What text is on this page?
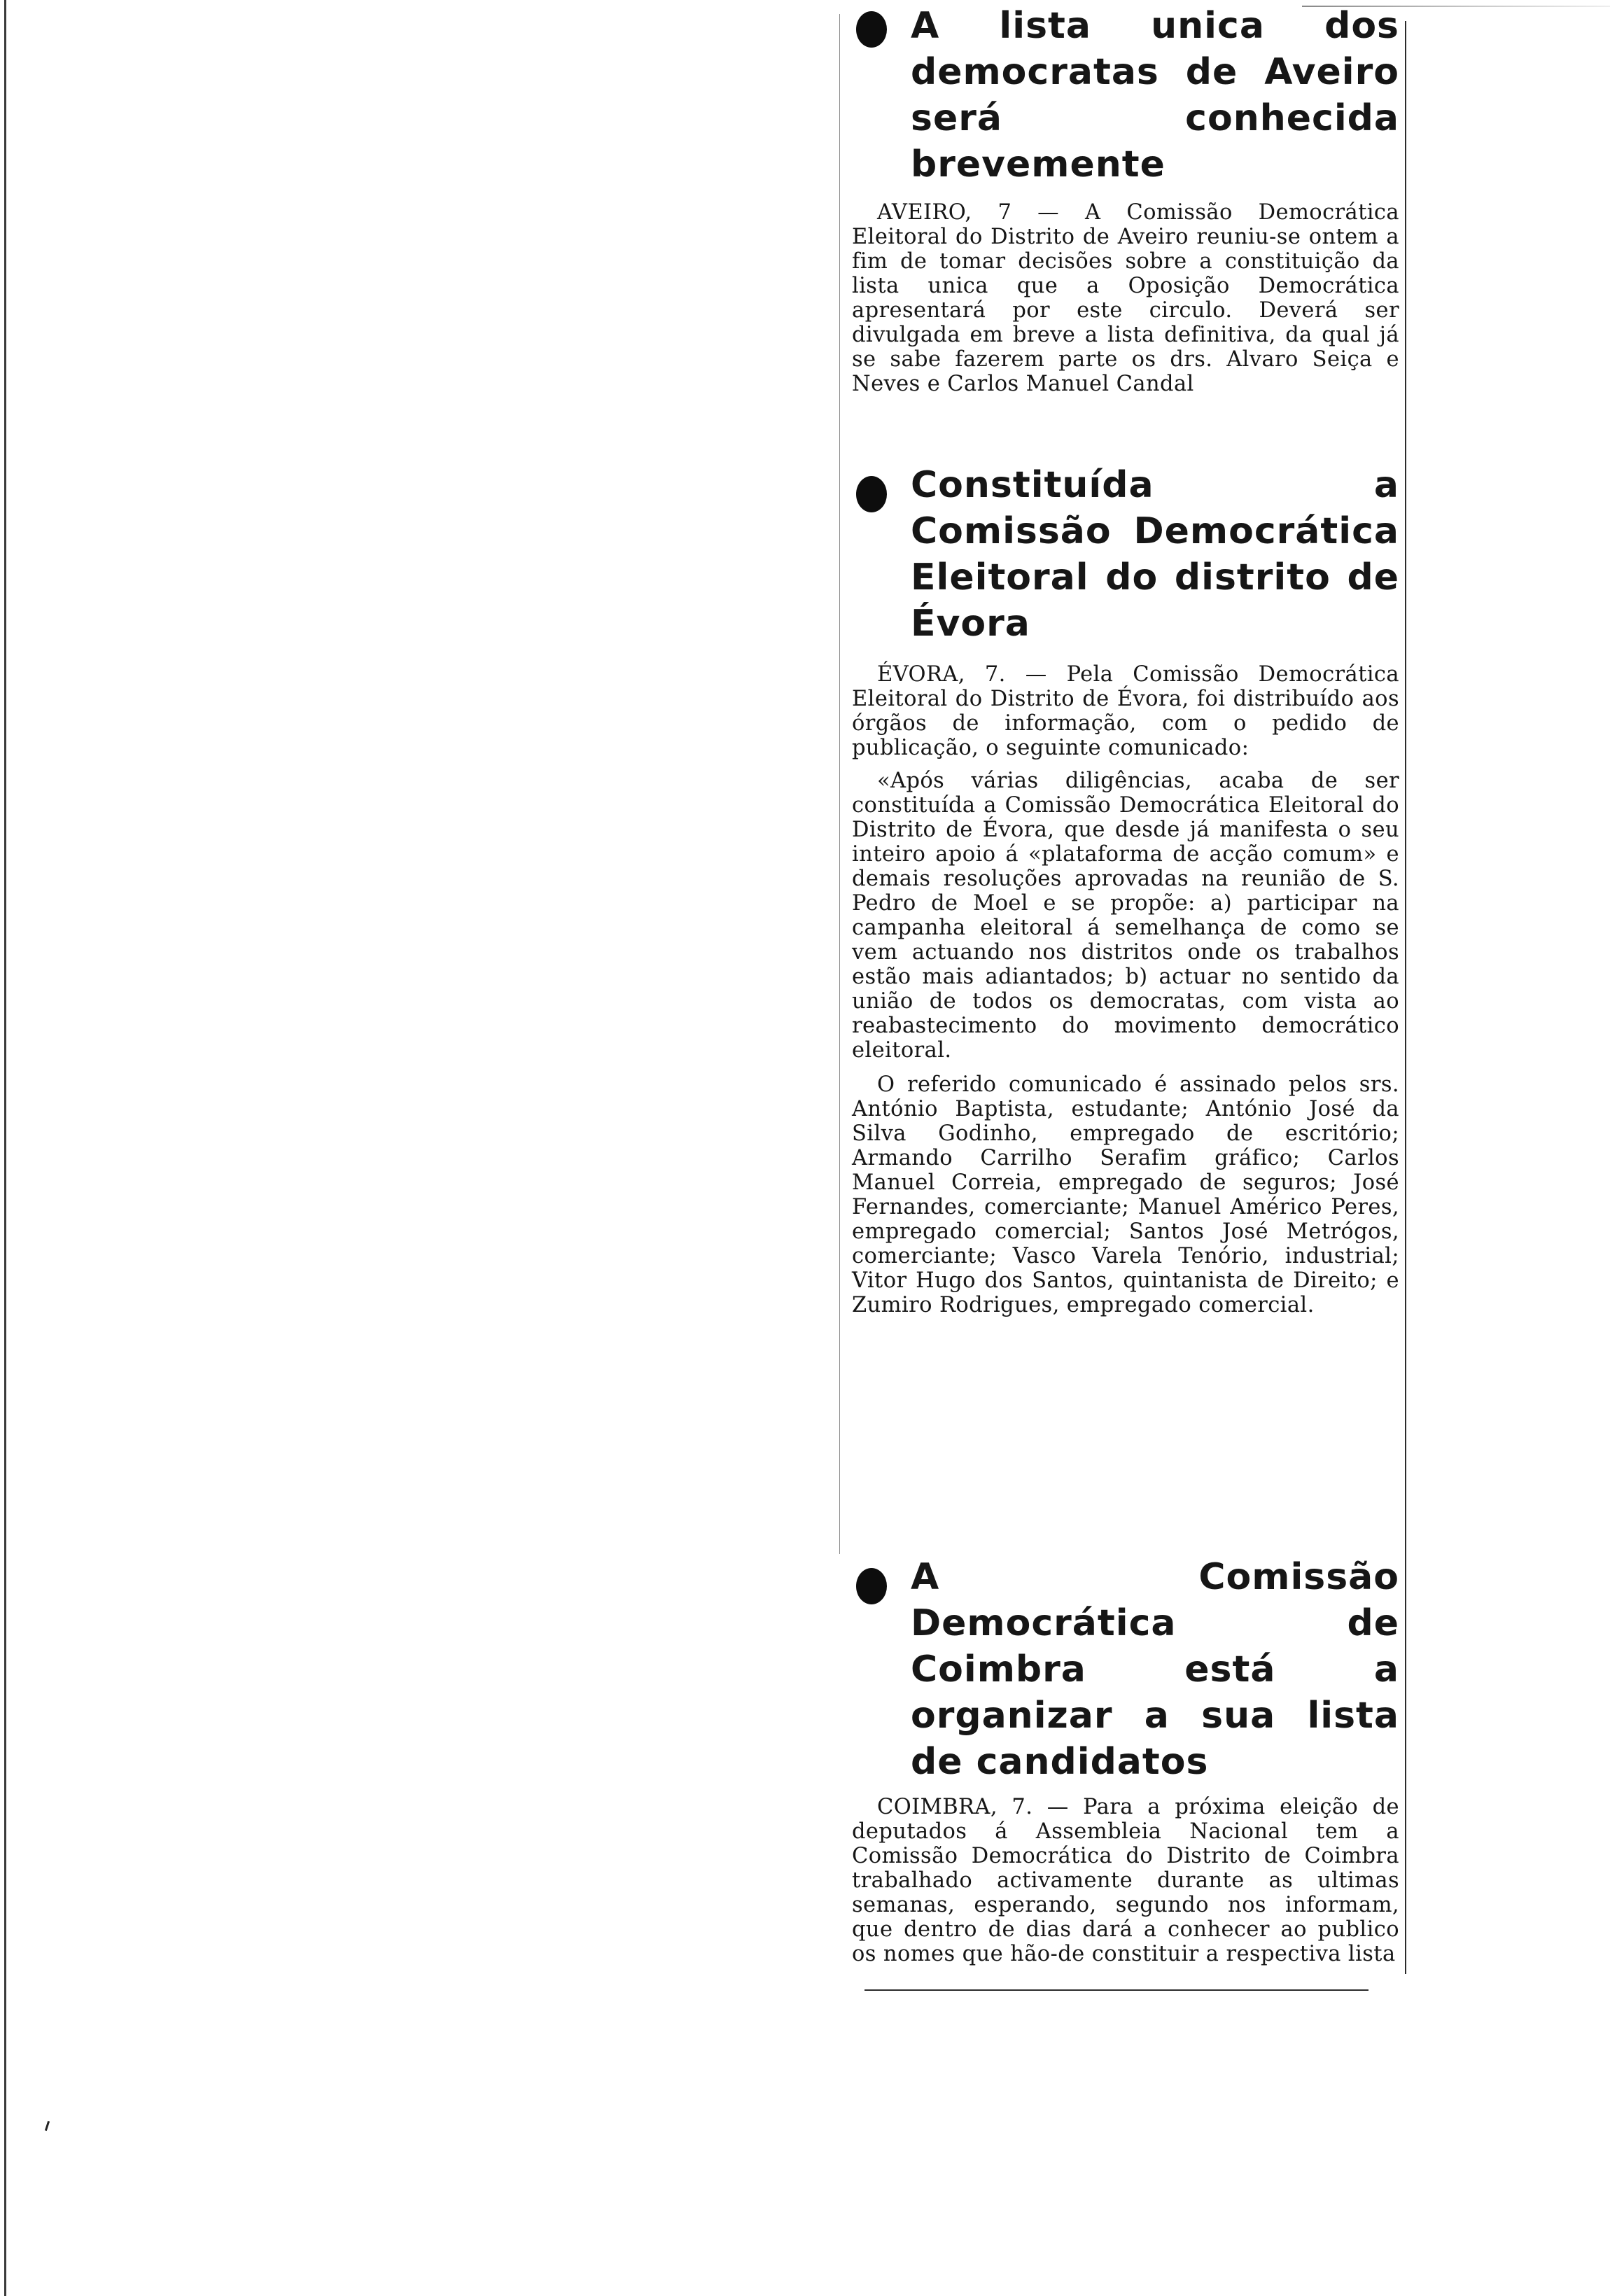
A lista unica dos democratas de Aveiro será conhecida brevemente

AVEIRO, 7 — A Comissão Democrática Eleitoral do Distrito de Aveiro reuniu-se ontem a fim de tomar decisões sobre a constituição da lista unica que a Oposição Democrática apresentará por este circulo. Deverá ser divulgada em breve a lista definitiva, da qual já se sabe fazerem parte os drs. Alvaro Seiça e Neves e Carlos Manuel Candal

Constituída a Comissão Democrática Eleitoral do distrito de Évora

ÉVORA, 7. — Pela Comissão Democrática Eleitoral do Distrito de Évora, foi distribuído aos órgãos de informação, com o pedido de publicação, o seguinte comunicado:

«Após várias diligências, acaba de ser constituída a Comissão Democrática Eleitoral do Distrito de Évora, que desde já manifesta o seu inteiro apoio á «plataforma de acção comum» e demais resoluções aprovadas na reunião de S. Pedro de Moel e se propõe: a) participar na campanha eleitoral á semelhança de como se vem actuando nos distritos onde os trabalhos estão mais adiantados; b) actuar no sentido da união de todos os democratas, com vista ao reabastecimento do movimento democrático eleitoral.

O referido comunicado é assinado pelos srs. António Baptista, estudante; António José da Silva Godinho, empregado de escritório; Armando Carrilho Serafim gráfico; Carlos Manuel Correia, empregado de seguros; José Fernandes, comerciante; Manuel Américo Peres, empregado comercial; Santos José Metrógos, comerciante; Vasco Varela Tenório, industrial; Vitor Hugo dos Santos, quintanista de Direito; e Zumiro Rodrigues, empregado comercial.

A Comissão Democrática de Coimbra está a organizar a sua lista de candidatos

COIMBRA, 7. — Para a próxima eleição de deputados á Assembleia Nacional tem a Comissão Democrática do Distrito de Coimbra trabalhado activamente durante as ultimas semanas, esperando, segundo nos informam, que dentro de dias dará a conhecer ao publico os nomes que hão-de constituir a respectiva lista
